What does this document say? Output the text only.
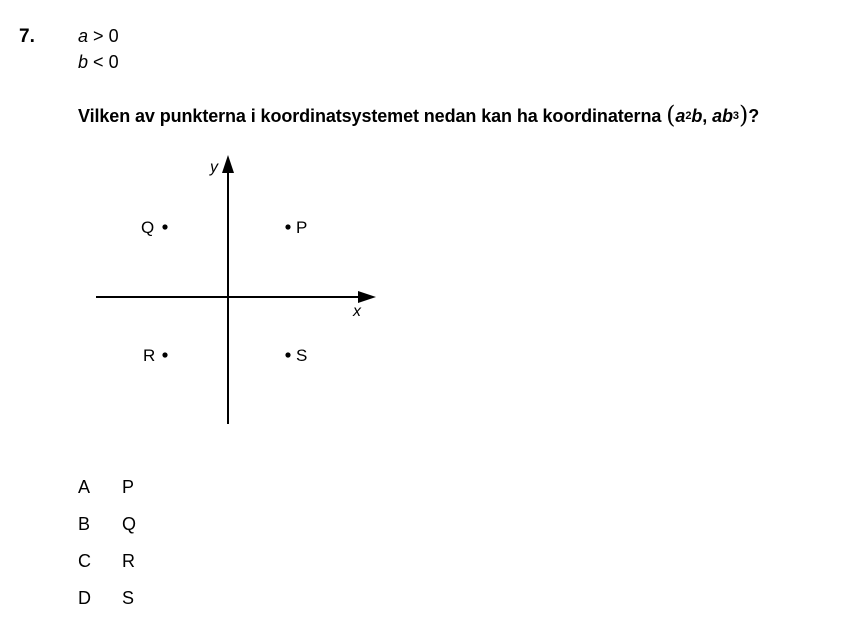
7. a > 0
b < 0
Vilken av punkterna i koordinatsystemet nedan kan ha koordinaterna ($a^2b$, $ab^3$)?
x
y
Q	P
R	S
A P
B Q
C R
D S
